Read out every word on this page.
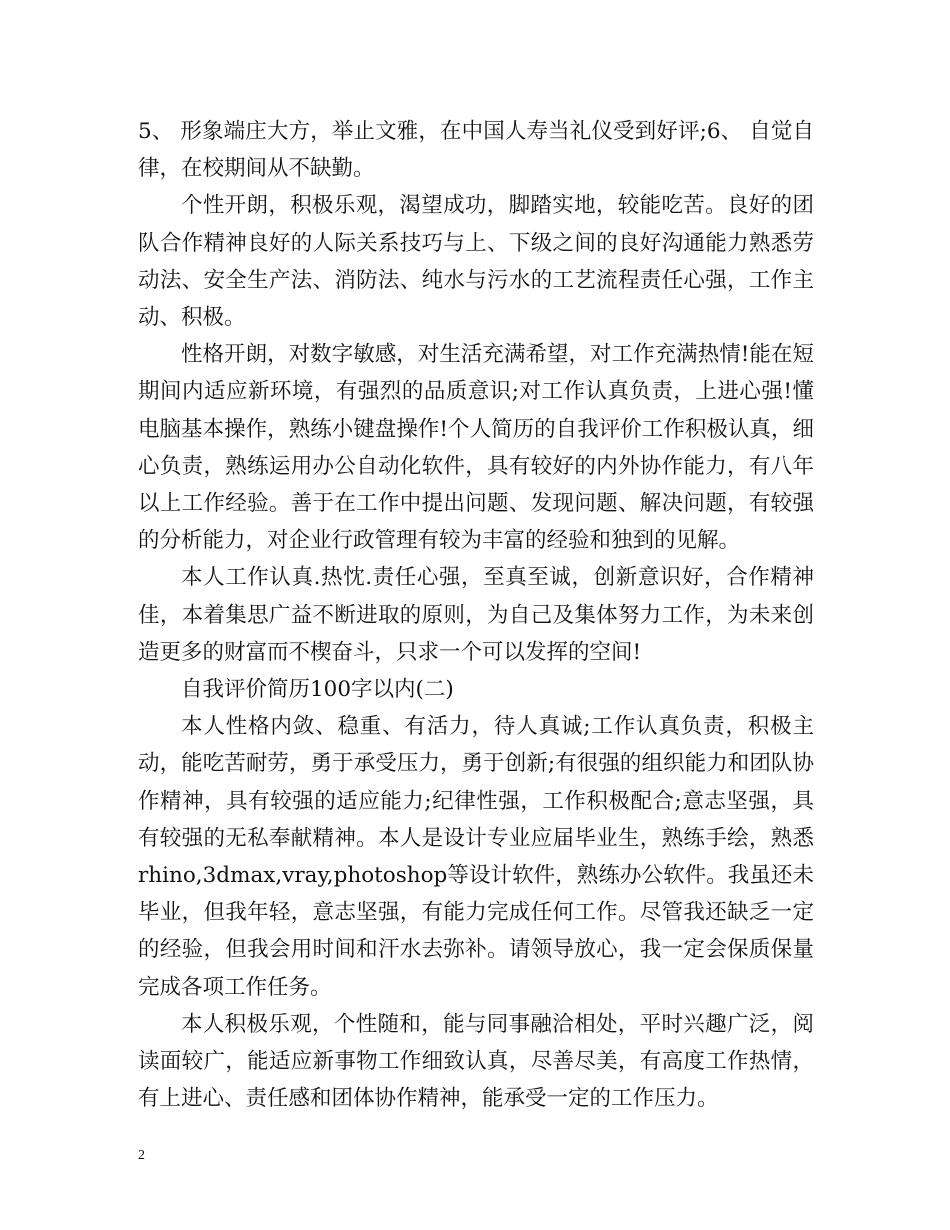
5、 形象端庄大方，举止文雅，在中国人寿当礼仪受到好评;6、 自觉自律，在校期间从不缺勤。

个性开朗，积极乐观，渴望成功，脚踏实地，较能吃苦。良好的团队合作精神良好的人际关系技巧与上、下级之间的良好沟通能力熟悉劳动法、安全生产法、消防法、纯水与污水的工艺流程责任心强，工作主动、积极。

性格开朗，对数字敏感，对生活充满希望，对工作充满热情!能在短期间内适应新环境，有强烈的品质意识;对工作认真负责，上进心强!懂电脑基本操作，熟练小键盘操作!个人简历的自我评价工作积极认真，细心负责，熟练运用办公自动化软件，具有较好的内外协作能力，有八年以上工作经验。善于在工作中提出问题、发现问题、解决问题，有较强的分析能力，对企业行政管理有较为丰富的经验和独到的见解。

本人工作认真.热忱.责任心强，至真至诚，创新意识好，合作精神佳，本着集思广益不断进取的原则，为自己及集体努力工作，为未来创造更多的财富而不楔奋斗，只求一个可以发挥的空间!

自我评价简历100字以内(二)

本人性格内敛、稳重、有活力，待人真诚;工作认真负责，积极主动，能吃苦耐劳，勇于承受压力，勇于创新;有很强的组织能力和团队协作精神，具有较强的适应能力;纪律性强，工作积极配合;意志坚强，具有较强的无私奉献精神。本人是设计专业应届毕业生，熟练手绘，熟悉rhino,3dmax,vray,photoshop等设计软件，熟练办公软件。我虽还未毕业，但我年轻，意志坚强，有能力完成任何工作。尽管我还缺乏一定的经验，但我会用时间和汗水去弥补。请领导放心，我一定会保质保量完成各项工作任务。

本人积极乐观，个性随和，能与同事融洽相处，平时兴趣广泛，阅读面较广，能适应新事物工作细致认真，尽善尽美，有高度工作热情，有上进心、责任感和团体协作精神，能承受一定的工作压力。

2
